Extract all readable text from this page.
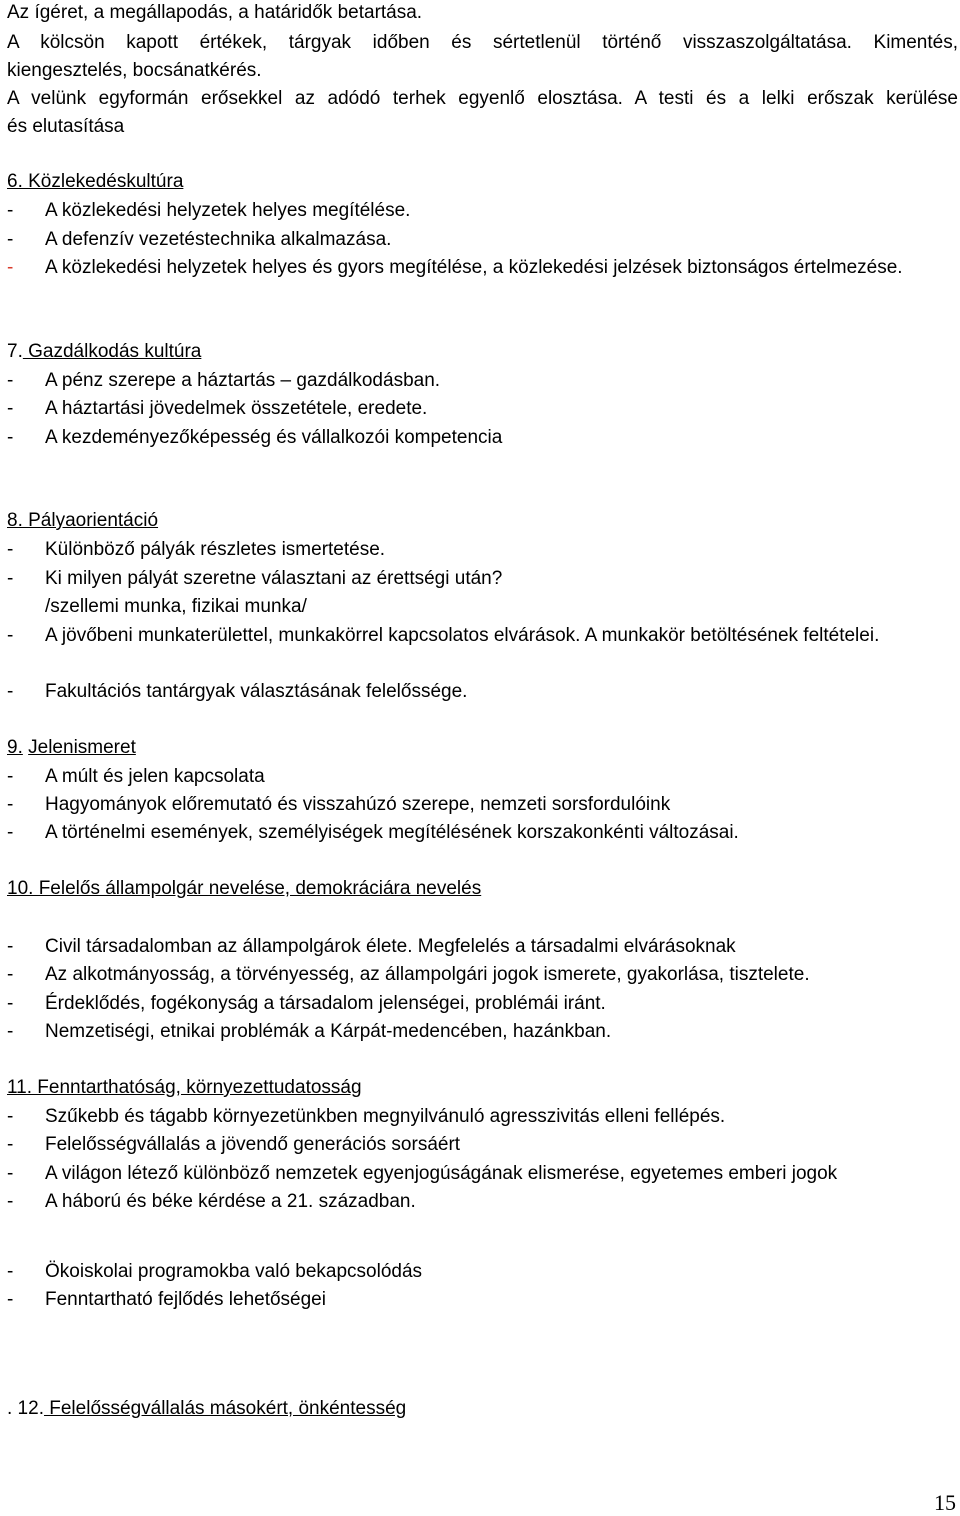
Az ígéret, a megállapodás, a határidők betartása.
A kölcsön kapott értékek, tárgyak időben és sértetlenül történő visszaszolgáltatása. Kimentés,
kiengesztelés, bocsánatkérés.
A velünk egyformán erősekkel az adódó terhek egyenlő elosztása. A testi és a lelki erőszak kerülése
és elutasítása
6. Közlekedéskultúra
-	A közlekedési helyzetek helyes megítélése.
-	A defenzív vezetéstechnika alkalmazása.
-	A közlekedési helyzetek helyes és gyors megítélése, a közlekedési jelzések biztonságos értelmezése.
7. Gazdálkodás kultúra
-	A pénz szerepe a háztartás – gazdálkodásban.
-	A háztartási jövedelmek összetétele, eredete.
-	A kezdeményezőképesség és vállalkozói kompetencia
8. Pályaorientáció
-	Különböző pályák részletes ismertetése.
-	Ki milyen pályát szeretne választani az érettségi után?
/szellemi munka, fizikai munka/
-	A jövőbeni munkaterülettel, munkakörrel kapcsolatos elvárások. A munkakör betöltésének feltételei.
-	Fakultációs tantárgyak választásának felelőssége.
9. Jelenismeret
-	A múlt és jelen kapcsolata
-	Hagyományok előremutató és visszahúzó szerepe, nemzeti sorsfordulóink
-	A történelmi események, személyiségek megítélésének korszakonkénti változásai.
10. Felelős állampolgár nevelése, demokráciára nevelés
-	Civil társadalomban az állampolgárok élete. Megfelelés a társadalmi elvárásoknak
-	Az alkotmányosság, a törvényesség, az állampolgári jogok ismerete, gyakorlása, tisztelete.
-	Érdeklődés, fogékonyság a társadalom jelenségei, problémái iránt.
-	Nemzetiségi, etnikai problémák a Kárpát-medencében, hazánkban.
11. Fenntarthatóság, környezettudatosság
-	Szűkebb és tágabb környezetünkben megnyilvánuló agresszivitás elleni fellépés.
-	Felelősségvállalás a jövendő generációs sorsáért
-	A világon létező különböző nemzetek egyenjogúságának elismerése, egyetemes emberi jogok
-	A háború és béke kérdése a 21. században.
-	Ökoiskolai programokba való bekapcsolódás
-	Fenntartható fejlődés lehetőségei
. 12. Felelősségvállalás másokért, önkéntesség
15
